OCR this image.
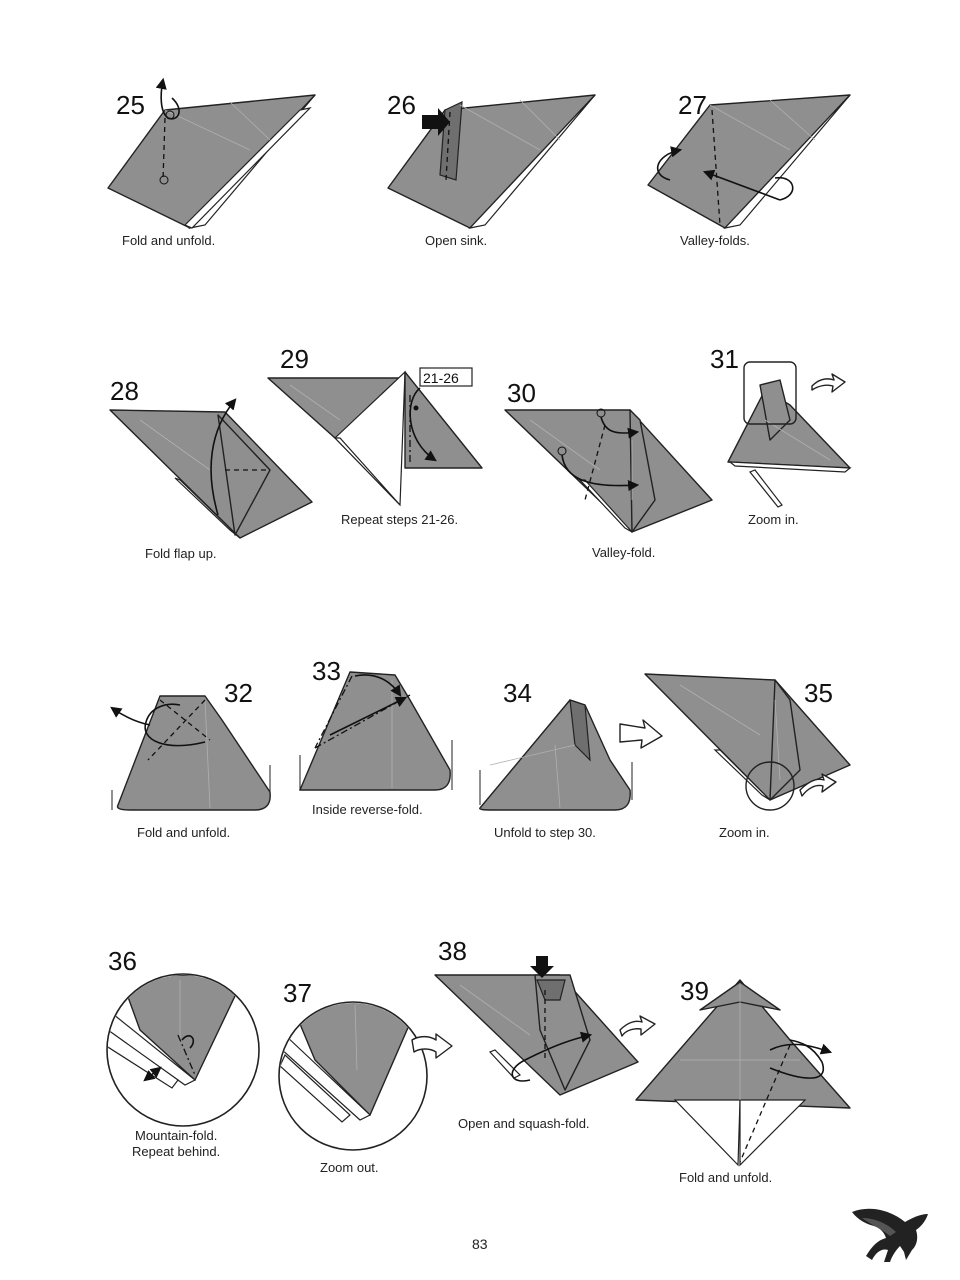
25
Fold and unfold.
26
Open sink.
27
Valley-folds.
28
Fold flap up.
21-26
29
Repeat steps 21-26.
30
Valley-fold.
31
Zoom in.
32
Fold and unfold.
33
Inside reverse-fold.
34
Unfold to step 30.
35
Zoom in.
36
Mountain-fold.
Repeat behind.
37
Zoom out.
38
Open and squash-fold.
39
Fold and unfold.
83
